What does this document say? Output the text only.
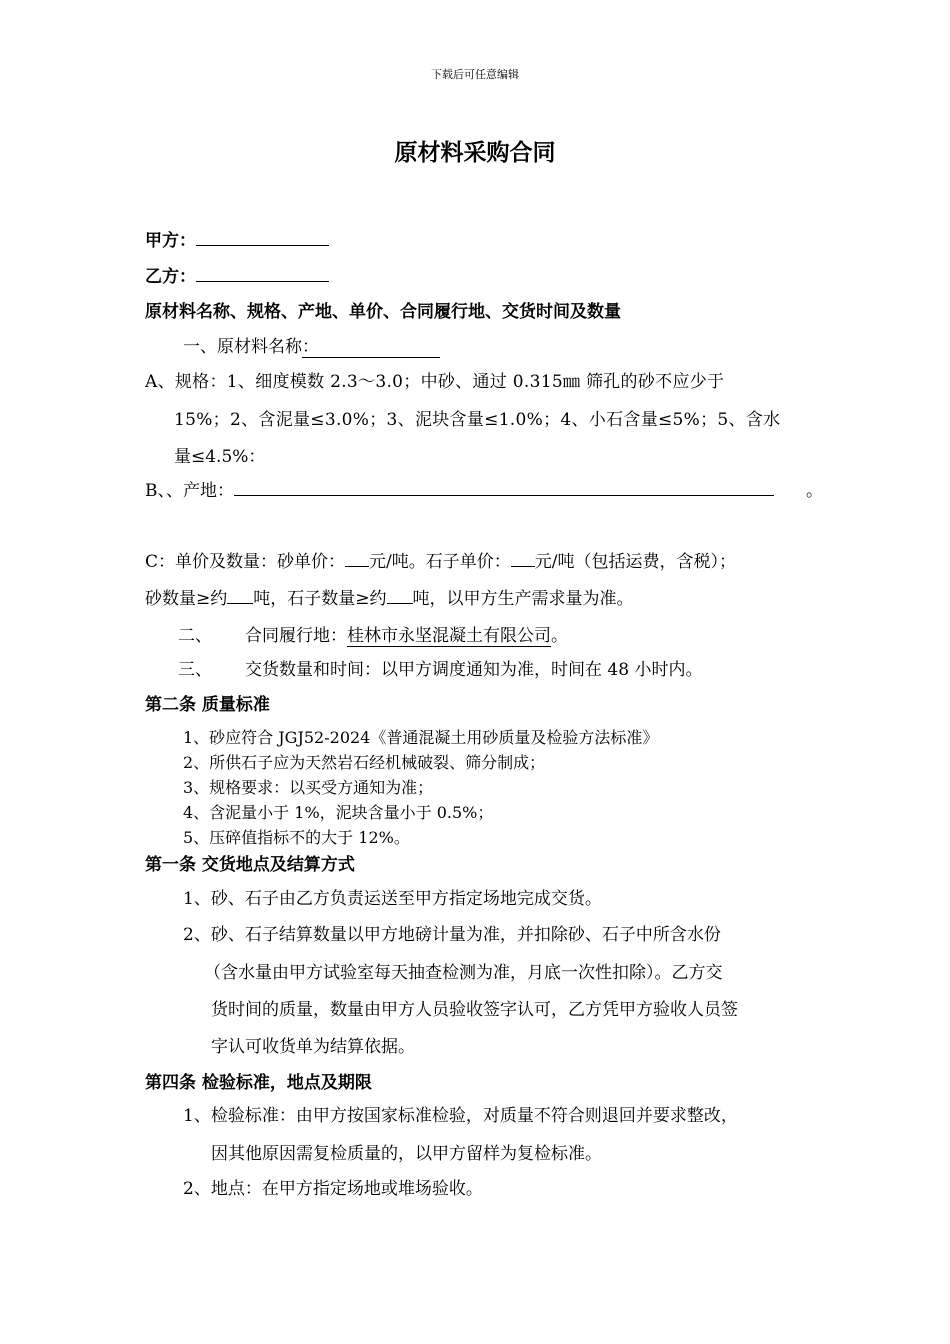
下载后可任意编辑
原材料采购合同
甲方：
乙方：
原材料名称、规格、产地、单价、合同履行地、交货时间及数量
一、原材料名称：
A、规格：1、细度模数 2.3～3.0；中砂、通过 0.315㎜ 筛孔的砂不应少于
15%；2、含泥量≤3.0%；3、泥块含量≤1.0%；4、小石含量≤5%；5、含水
量≤4.5%：
B、、产地：	。
C：单价及数量：砂单价： 元/吨。石子单价： 元/吨（包括运费，含税）；
砂数量≥约 吨，石子数量≥约 吨，以甲方生产需求量为准。
二、 合同履行地：桂林市永坚混凝土有限公司。
三、 交货数量和时间：以甲方调度通知为准，时间在 48 小时内。
第二条 质量标准
1、砂应符合 JGJ52-2024《普通混凝土用砂质量及检验方法标准》
2、所供石子应为天然岩石经机械破裂、筛分制成；
3、规格要求：以买受方通知为准；
4、含泥量小于 1%，泥块含量小于 0.5%；
5、压碎值指标不的大于 12%。
第一条 交货地点及结算方式
1、砂、石子由乙方负责运送至甲方指定场地完成交货。
2、砂、石子结算数量以甲方地磅计量为准，并扣除砂、石子中所含水份
（含水量由甲方试验室每天抽查检测为准，月底一次性扣除）。乙方交
货时间的质量，数量由甲方人员验收签字认可，乙方凭甲方验收人员签
字认可收货单为结算依据。
第四条 检验标准，地点及期限
1、检验标准：由甲方按国家标准检验，对质量不符合则退回并要求整改，
因其他原因需复检质量的，以甲方留样为复检标准。
2、地点：在甲方指定场地或堆场验收。
